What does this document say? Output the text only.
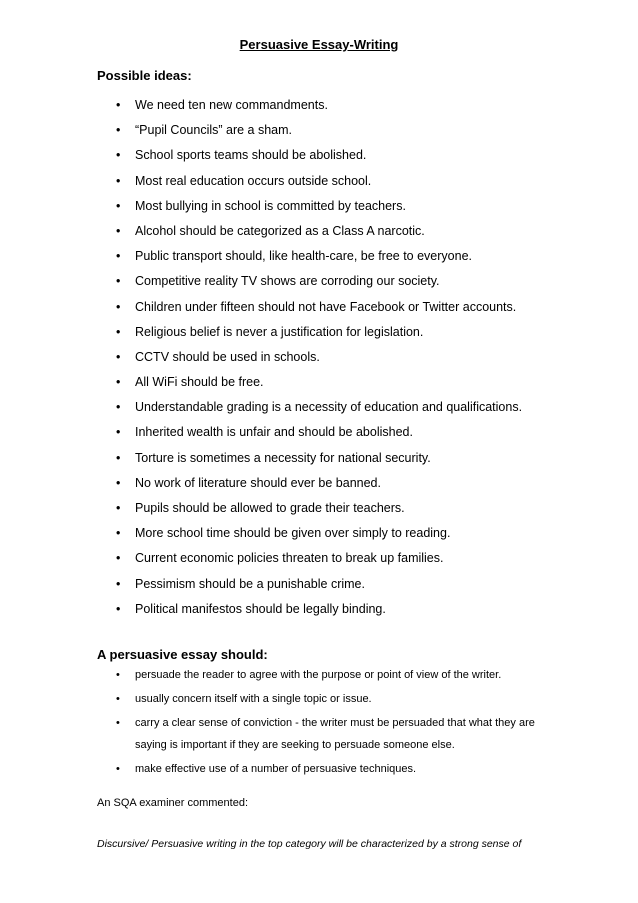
Persuasive Essay-Writing
Possible ideas:
• We need ten new commandments.
• “Pupil Councils” are a sham.
• School sports teams should be abolished.
• Most real education occurs outside school.
• Most bullying in school is committed by teachers.
• Alcohol should be categorized as a Class A narcotic.
• Public transport should, like health-care, be free to everyone.
• Competitive reality TV shows are corroding our society.
• Children under fifteen should not have Facebook or Twitter accounts.
• Religious belief is never a justification for legislation.
• CCTV should be used in schools.
• All WiFi should be free.
• Understandable grading is a necessity of education and qualifications.
• Inherited wealth is unfair and should be abolished.
• Torture is sometimes a necessity for national security.
• No work of literature should ever be banned.
• Pupils should be allowed to grade their teachers.
• More school time should be given over simply to reading.
• Current economic policies threaten to break up families.
• Pessimism should be a punishable crime.
• Political manifestos should be legally binding.
A persuasive essay should:
• persuade the reader to agree with the purpose or point of view of the writer.
• usually concern itself with a single topic or issue.
• carry a clear sense of conviction - the writer must be persuaded that what they are
saying is important if they are seeking to persuade someone else.
• make effective use of a number of persuasive techniques.
An SQA examiner commented:
Discursive/ Persuasive writing in the top category will be characterized by a strong sense of
